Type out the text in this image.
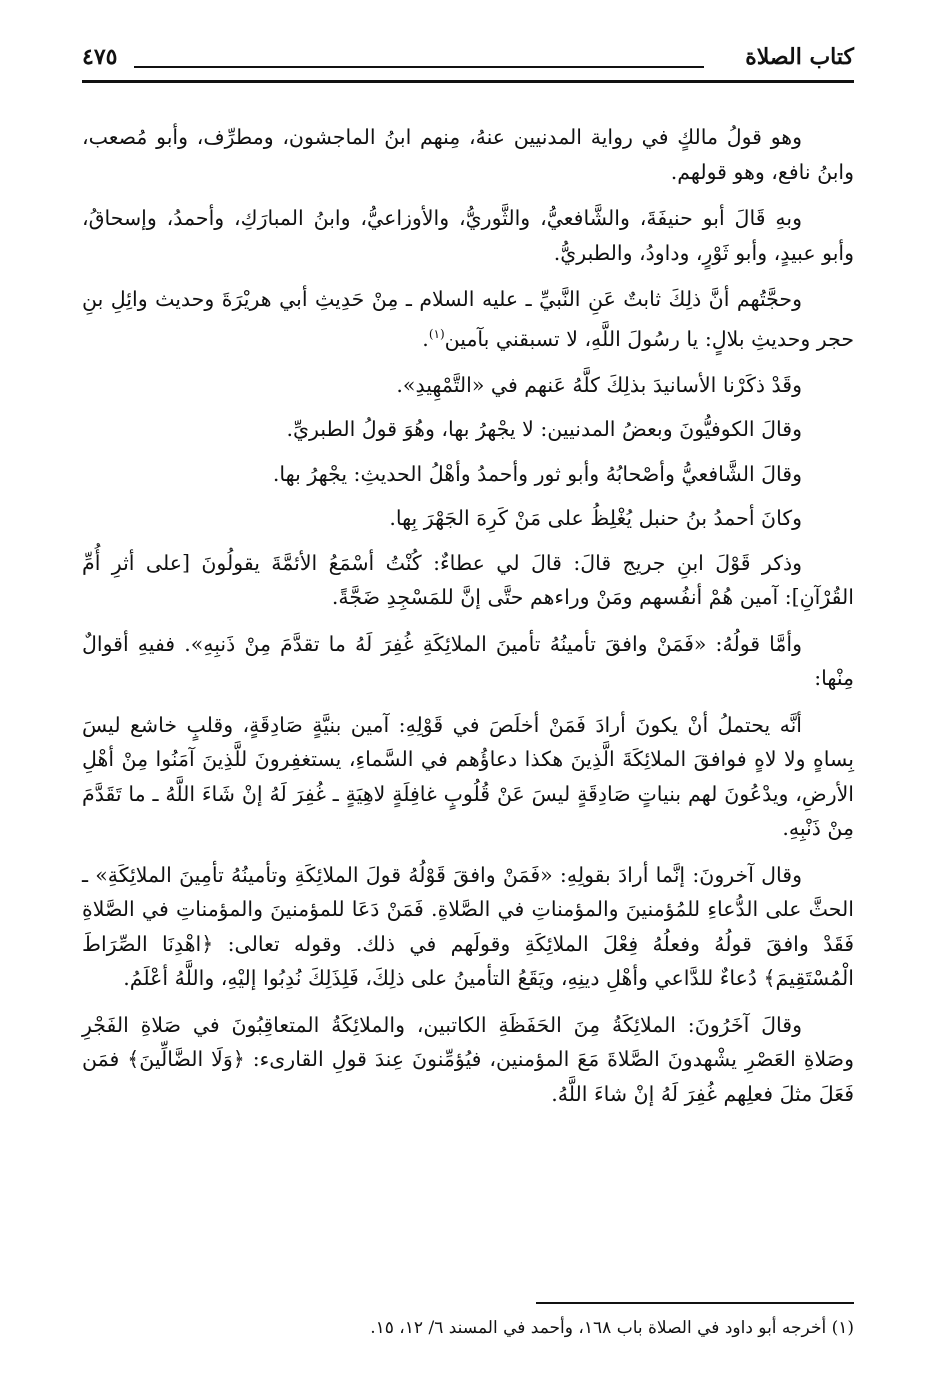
كتاب الصلاة
٤٧٥

وهو قولُ مالكٍ في رواية المدنيين عنهُ، مِنهم ابنُ الماجشون، ومطرِّف، وأبو مُصعب، وابنُ نافع، وهو قولهم.

وبهِ قَالَ أبو حنيفَةَ، والشَّافعيُّ، والثَّوريُّ، والأوزاعيُّ، وابنُ المبارَكِ، وأحمدُ، وإسحاقُ، وأبو عبيدٍ، وأبو ثَوْرٍ، وداودُ، والطبريُّ.

وحجَّتُهم أنَّ ذلِكَ ثابتٌ عَنِ النَّبيِّ ـ عليه السلام ـ مِنْ حَدِيثِ أبي هريْرَةَ وحديث وائِلِ بنِ حجر وحديثِ بلالٍ: يا رسُولَ اللَّهِ، لا تسبقني بآمين$^{(١)}$.

وقَدْ ذكَرْنا الأسانيدَ بذلِكَ كلَّهُ عَنهم في «التَّمْهِيدِ».

وقالَ الكوفيُّونَ وبعضُ المدنيين: لا يجْهرُ بها، وهُوَ قولُ الطبريِّ.

وقالَ الشَّافعيُّ وأصْحابُهُ وأبو ثور وأحمدُ وأهْلُ الحديثِ: يجْهرُ بها.

وكانَ أحمدُ بنُ حنبل يُغْلِظُ على مَنْ كَرِهَ الجَهْرَ بِها.

وذكر قَوْلَ ابنِ جريج قالَ: قالَ لي عطاءٌ: كُنْتُ أسْمَعُ الأئمَّةَ يقولُونَ [على أثرِ أُمِّ القُرْآنِ]: آمين هُمْ أنفُسهم ومَنْ وراءهم حتَّى إنَّ للمَسْجِدِ ضَجَّةً.

وأمَّا قولُهُ: «فَمَنْ وافقَ تأمينُهُ تأمينَ الملائِكَةِ غُفِرَ لَهُ ما تقدَّمَ مِنْ ذَنبِهِ». ففيهِ أقوالٌ مِنْها:

أنَّه يحتملُ أنْ يكونَ أرادَ فَمَنْ أخلَصَ في قَوْلِهِ: آمين بنيَّةٍ صَادِقَةٍ، وقلبٍ خاشع ليسَ بِساهٍ ولا لاهٍ فوافقَ الملائِكَةَ الَّذِينَ هكذا دعاؤُهم في السَّماءِ، يستغفِرونَ للَّذِينَ آمَنُوا مِنْ أهْلِ الأرضِ، ويدْعُونَ لهم بنياتٍ صَادِقَةٍ ليسَ عَنْ قُلُوبٍ غافِلَةٍ لاهِيَةٍ ـ غُفِرَ لَهُ إنْ شَاءَ اللَّهُ ـ ما تَقَدَّمَ مِنْ ذَنْبِهِ.

وقال آخرونَ: إنَّما أرادَ بقولِهِ: «فَمَنْ وافقَ قَوْلُهُ قولَ الملائِكَةِ وتأمينُهُ تأمِينَ الملائِكَةِ» ـ الحثَّ على الدُّعاءِ للمُؤمنينَ والمؤمناتِ في الصَّلاةِ. فَمَنْ دَعَا للمؤمنينَ والمؤمناتِ في الصَّلاةِ فَقَدْ وافقَ قولُهُ وفعلُهُ فِعْلَ الملائِكَةِ وقولَهم في ذلك. وقوله تعالى: ﴿اهْدِنَا الصِّرَاطَ الْمُسْتَقِيمَ﴾ دُعاءٌ للدَّاعي وأهْلِ دينِهِ، ويَقَعُ التأمينُ على ذلِكَ، فَلِذَلِكَ نُدِبُوا إليْهِ، واللَّهُ أعْلَمُ.

وقالَ آخَرُونَ: الملائِكَةُ مِنَ الحَفَظَةِ الكاتبين، والملائِكَةُ المتعاقِبُونَ في صَلاةِ الفَجْرِ وصَلاةِ العَصْرِ يشْهدونَ الصَّلاةَ مَعَ المؤمنين، فيُؤمِّنونَ عِندَ قولِ القارىء: ﴿وَلَا الضَّالِّينَ﴾ فمَن فَعَلَ مثلَ فعلِهم غُفِرَ لَهُ إنْ شاءَ اللَّهُ.

(١) أخرجه أبو داود في الصلاة باب ١٦٨، وأحمد في المسند ٦/ ١٢، ١٥.
